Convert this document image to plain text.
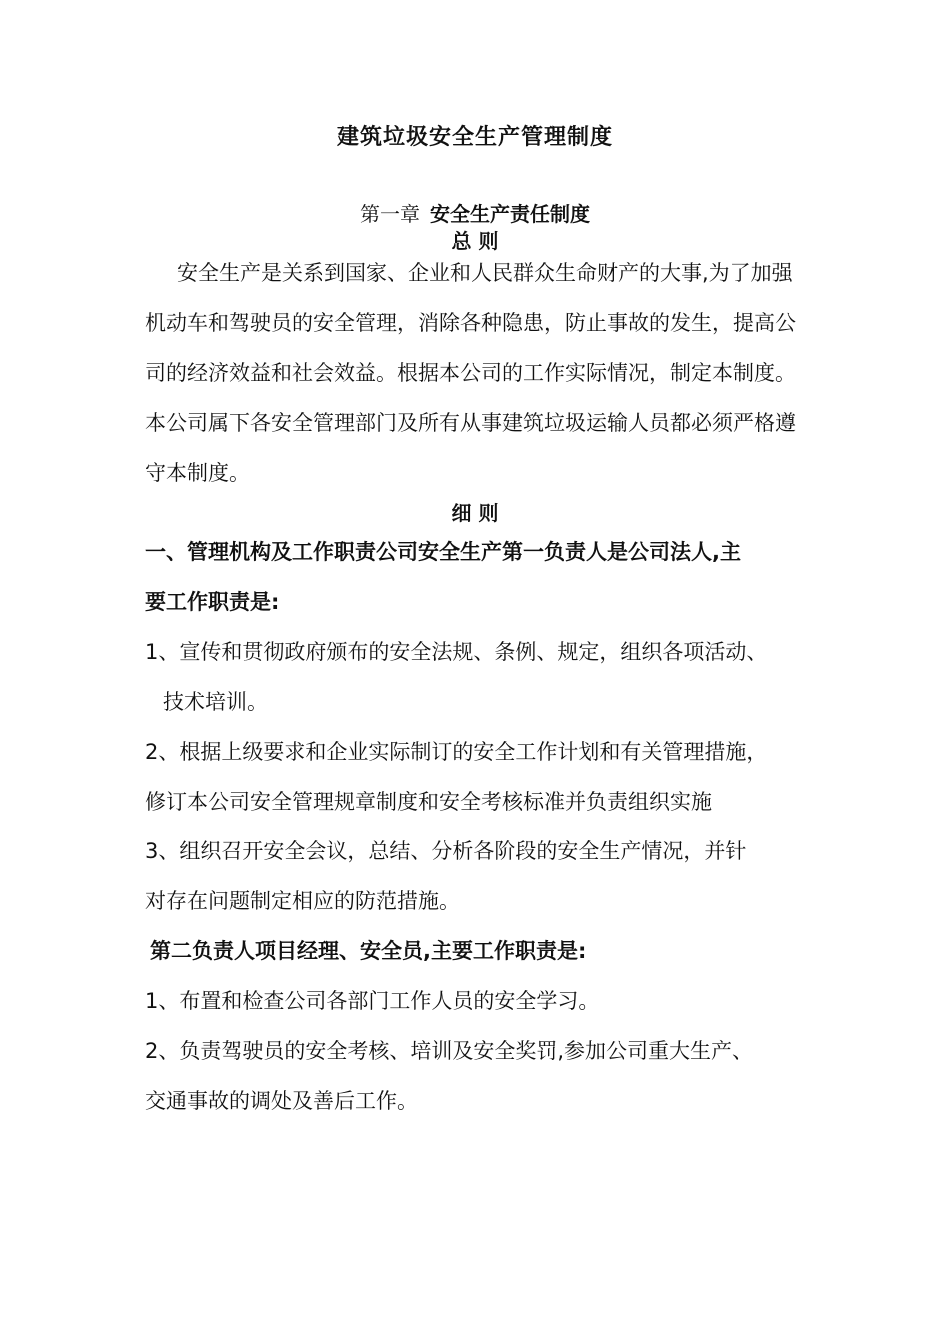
建筑垃圾安全生产管理制度
第一章 安全生产责任制度
总 则
安全生产是关系到国家、企业和人民群众生命财产的大事,为了加强机动车和驾驶员的安全管理，消除各种隐患，防止事故的发生，提高公司的经济效益和社会效益。根据本公司的工作实际情况，制定本制度。本公司属下各安全管理部门及所有从事建筑垃圾运输人员都必须严格遵守本制度。
细 则
一、管理机构及工作职责公司安全生产第一负责人是公司法人,主
要工作职责是:
1、宣传和贯彻政府颁布的安全法规、条例、规定，组织各项活动、
技术培训。
2、根据上级要求和企业实际制订的安全工作计划和有关管理措施，
修订本公司安全管理规章制度和安全考核标准并负责组织实施
3、组织召开安全会议，总结、分析各阶段的安全生产情况，并针
对存在问题制定相应的防范措施。
第二负责人项目经理、安全员,主要工作职责是:
1、布置和检查公司各部门工作人员的安全学习。
2、负责驾驶员的安全考核、培训及安全奖罚,参加公司重大生产、
交通事故的调处及善后工作。
